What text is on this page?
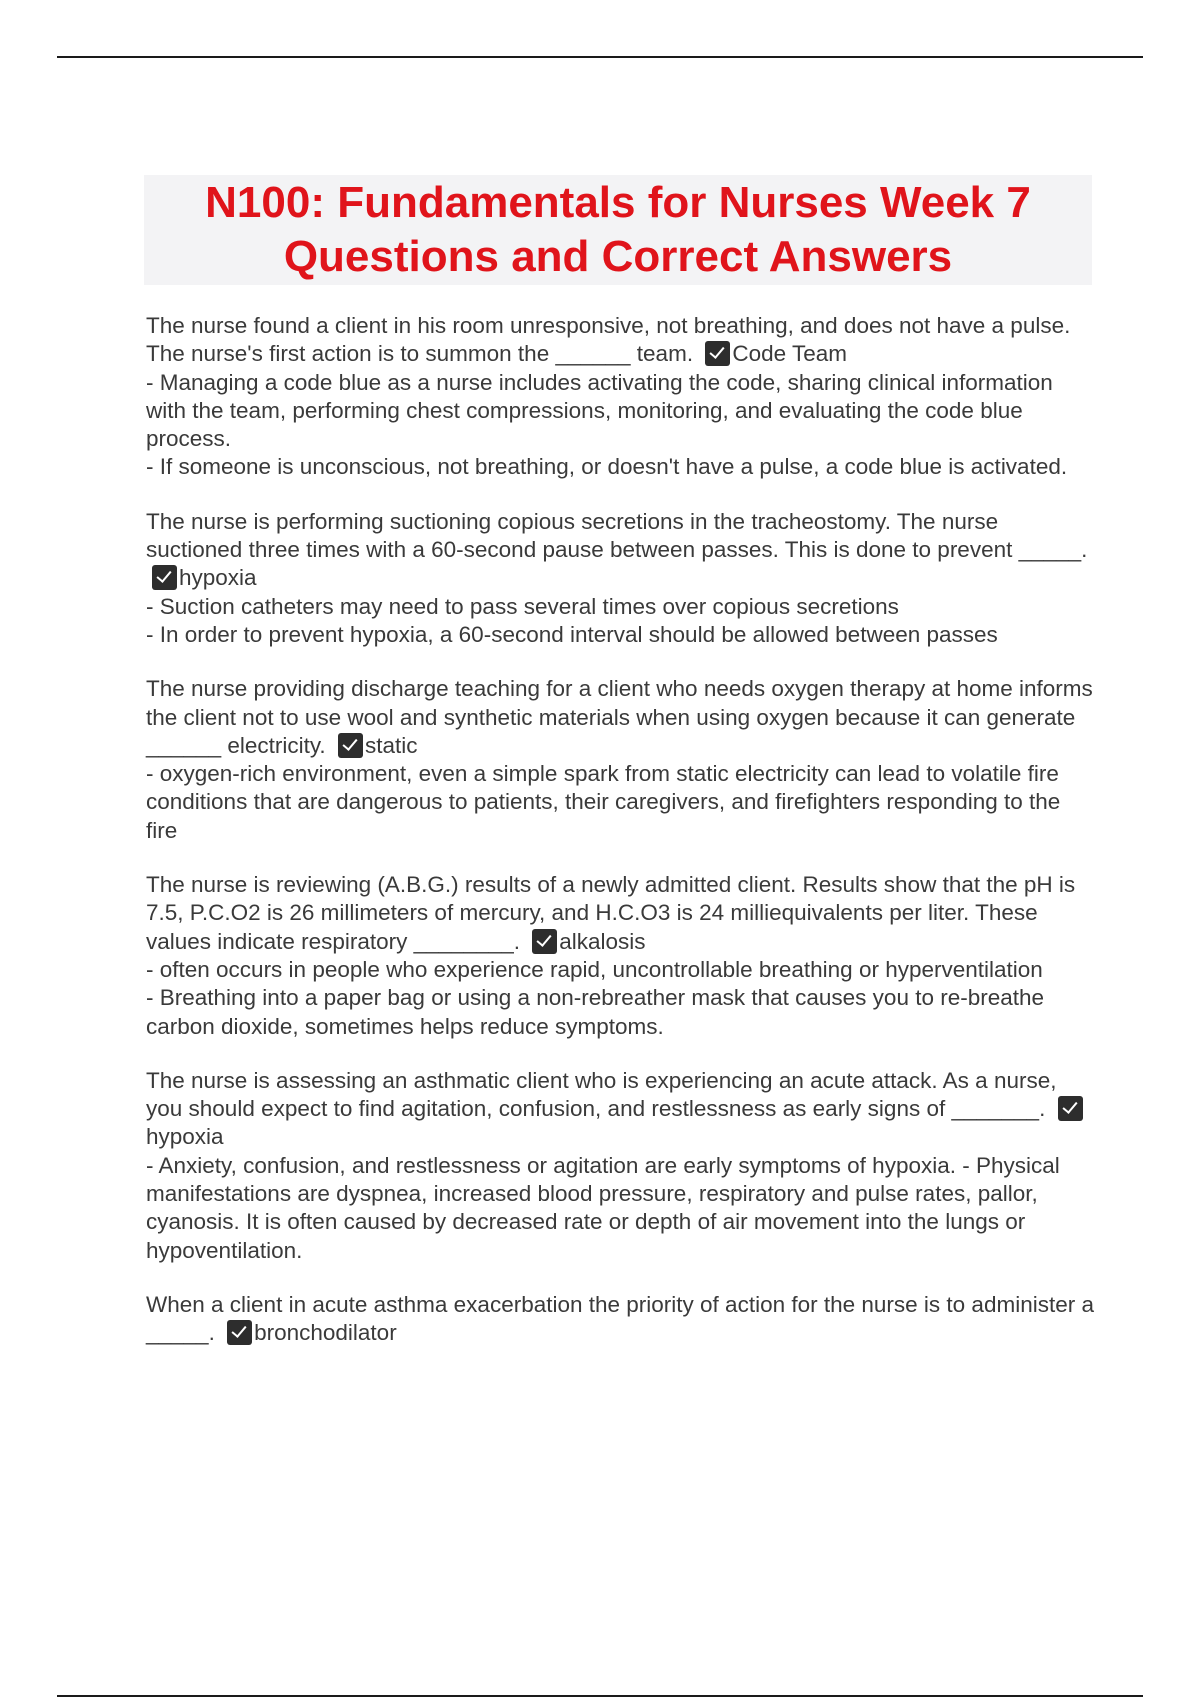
N100: Fundamentals for Nurses Week 7
Questions and Correct Answers

The nurse found a client in his room unresponsive, not breathing, and does not have a pulse. The nurse's first action is to summon the ______ team. Code Team
- Managing a code blue as a nurse includes activating the code, sharing clinical information with the team, performing chest compressions, monitoring, and evaluating the code blue process.
- If someone is unconscious, not breathing, or doesn't have a pulse, a code blue is activated.

The nurse is performing suctioning copious secretions in the tracheostomy. The nurse suctioned three times with a 60-second pause between passes. This is done to prevent _____. hypoxia
- Suction catheters may need to pass several times over copious secretions
- In order to prevent hypoxia, a 60-second interval should be allowed between passes

The nurse providing discharge teaching for a client who needs oxygen therapy at home informs the client not to use wool and synthetic materials when using oxygen because it can generate ______ electricity. static
- oxygen-rich environment, even a simple spark from static electricity can lead to volatile fire conditions that are dangerous to patients, their caregivers, and firefighters responding to the fire

The nurse is reviewing (A.B.G.) results of a newly admitted client. Results show that the pH is 7.5, P.C.O2 is 26 millimeters of mercury, and H.C.O3 is 24 milliequivalents per liter. These values indicate respiratory ________. alkalosis
- often occurs in people who experience rapid, uncontrollable breathing or hyperventilation
- Breathing into a paper bag or using a non-rebreather mask that causes you to re-breathe carbon dioxide, sometimes helps reduce symptoms.

The nurse is assessing an asthmatic client who is experiencing an acute attack. As a nurse, you should expect to find agitation, confusion, and restlessness as early signs of _______. hypoxia
- Anxiety, confusion, and restlessness or agitation are early symptoms of hypoxia. - Physical manifestations are dyspnea, increased blood pressure, respiratory and pulse rates, pallor, cyanosis. It is often caused by decreased rate or depth of air movement into the lungs or hypoventilation.

When a client in acute asthma exacerbation the priority of action for the nurse is to administer a _____. bronchodilator
